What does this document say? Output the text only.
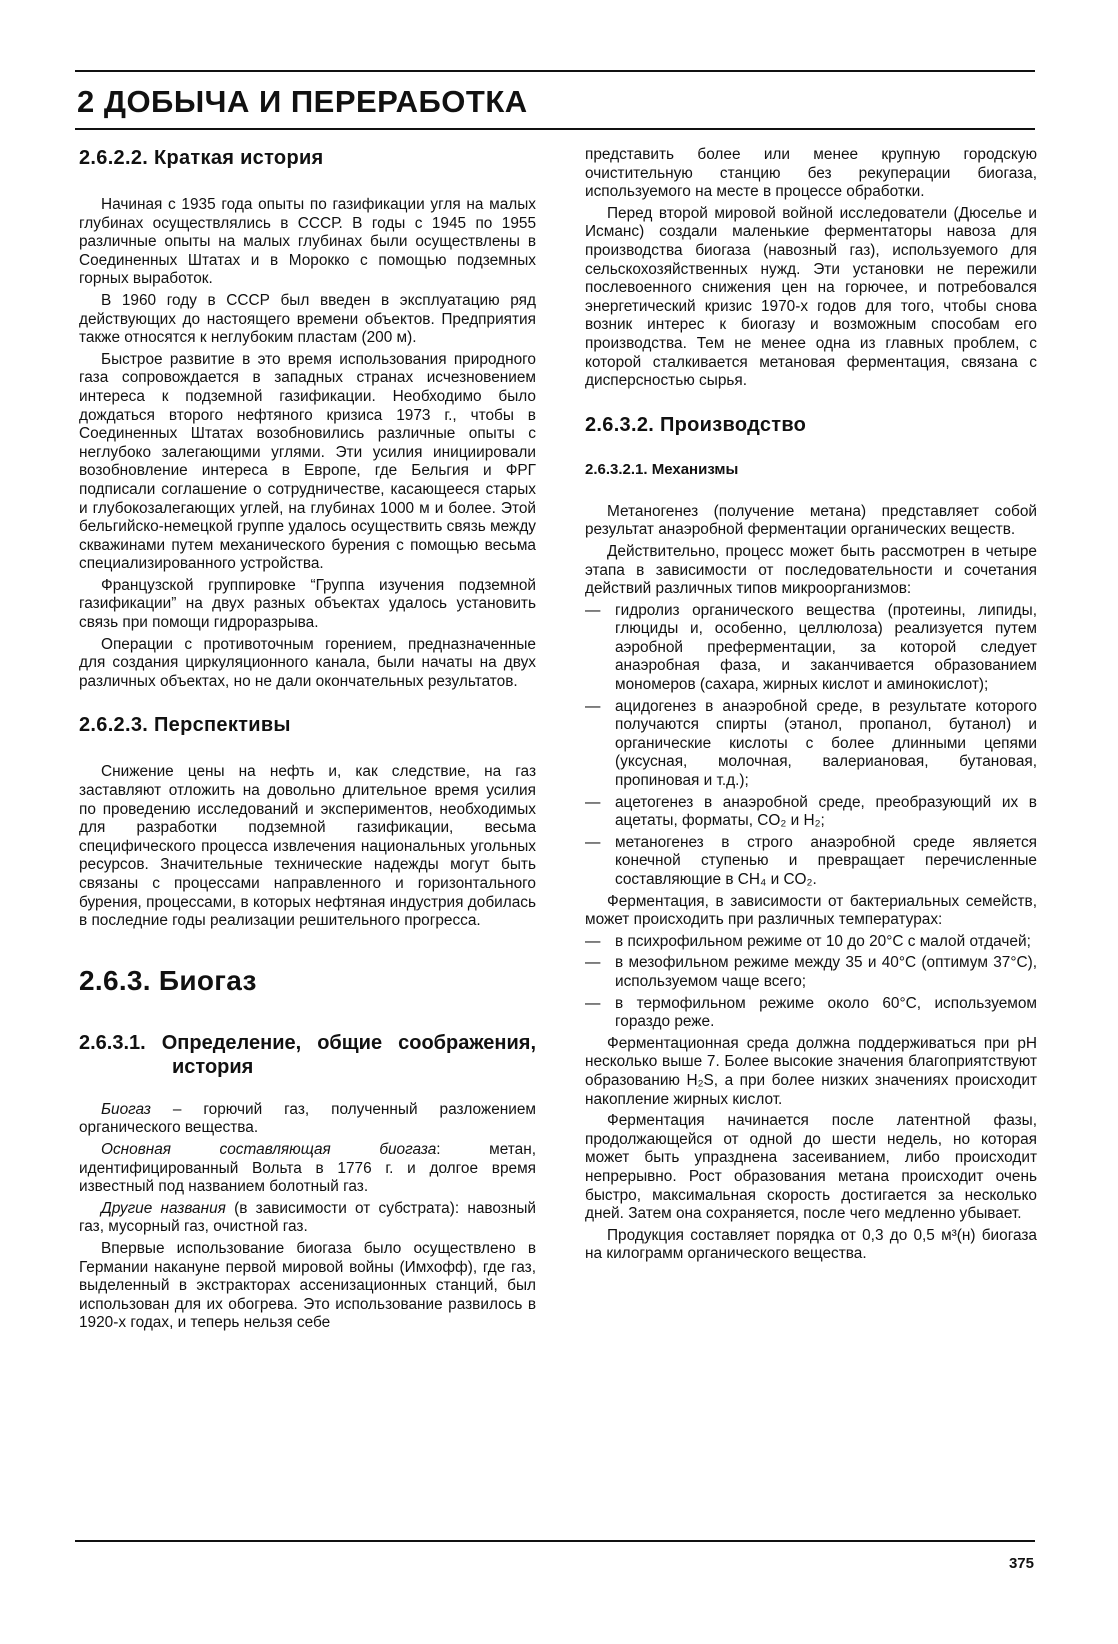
2 ДОБЫЧА И ПЕРЕРАБОТКА
2.6.2.2. Краткая история

Начиная с 1935 года опыты по газификации угля на малых глубинах осуществлялись в СССР. В годы с 1945 по 1955 различные опыты на малых глубинах были осуществлены в Соединенных Штатах и в Мороккo с помощью подземных горных выработок.

В 1960 году в СССР был введен в эксплуатацию ряд действующих до настоящего времени объектов. Предприятия также относятся к неглубоким пластам (200 м).

Быстрое развитие в это время использования природного газа сопровождается в западных странах исчезновением интереса к подземной газификации. Необходимо было дождаться второго нефтяного кризиса 1973 г., чтобы в Соединенных Штатах возобновились различные опыты с неглубоко залегающими углями. Эти усилия инициировали возобновление интереса в Европе, где Бельгия и ФРГ подписали соглашение о сотрудничестве, касающееся старых и глубокозалегающих углей, на глубинах 1000 м и более. Этой бельгийско-немецкой группе удалось осуществить связь между скважинами путем механического бурения с помощью весьма специализированного устройства.

Французской группировке “Группа изучения подземной газификации” на двух разных объектах удалось установить связь при помощи гидроразрыва.

Операции с противоточным горением, предназначенные для создания циркуляционного канала, были начаты на двух различных объектах, но не дали окончательных результатов.

2.6.2.3. Перспективы

Снижение цены на нефть и, как следствие, на газ заставляют отложить на довольно длительное время усилия по проведению исследований и экспериментов, необходимых для разработки подземной газификации, весьма специфического процесса извлечения национальных угольных ресурсов. Значительные технические надежды могут быть связаны с процессами направленного и горизонтального бурения, процессами, в которых нефтяная индустрия добилась в последние годы реализации решительного прогресса.

2.6.3. Биогаз
2.6.3.1. Определение, общие соображения, история

Биогаз – горючий газ, полученный разложением органического вещества.

Основная составляющая биогаза: метан, идентифицированный Вольта в 1776 г. и долгое время известный под названием болотный газ.

Другие названия (в зависимости от субстрата): навозный газ, мусорный газ, очистной газ.

Впервые использование биогаза было осуществлено в Германии накануне первой мировой войны (Имхофф), где газ, выделенный в экстракторах ассенизационных станций, был использован для их обогрева. Это использование развилось в 1920-х годах, и теперь нельзя себе

представить более или менее крупную городскую очистительную станцию без рекуперации биогаза, используемого на месте в процессе обработки.

Перед второй мировой войной исследователи (Дюселье и Исманс) создали маленькие ферментаторы навоза для производства биогаза (навозный газ), используемого для сельскохозяйственных нужд. Эти установки не пережили послевоенного снижения цен на горючее, и потребовался энергетический кризис 1970-х годов для того, чтобы снова возник интерес к биогазу и возможным способам его производства. Тем не менее одна из главных проблем, с которой сталкивается метановая ферментация, связана с дисперсностью сырья.

2.6.3.2. Производство
2.6.3.2.1. Механизмы

Метаногенез (получение метана) представляет собой результат анаэробной ферментации органических веществ.

Действительно, процесс может быть рассмотрен в четыре этапа в зависимости от последовательности и сочетания действий различных типов микроорганизмов:

— гидролиз органического вещества (протеины, липиды, глюциды и, особенно, целлюлоза) реализуется путем аэробной преферментации, за которой следует анаэробная фаза, и заканчивается образованием мономеров (сахара, жирных кислот и аминокислот);
— ацидогенез в анаэробной среде, в результате которого получаются спирты (этанол, пропанол, бутанол) и органические кислоты с более длинными цепями (уксусная, молочная, валериановая, бутановая, пропиновая и т.д.);
— ацетогенез в анаэробной среде, преобразующий их в ацетаты, форматы, CO₂ и H₂;
— метаногенез в строго анаэробной среде является конечной ступенью и превращает перечисленные составляющие в CH₄ и CO₂.

Ферментация, в зависимости от бактериальных семейств, может происходить при различных температурах:

— в психрофильном режиме от 10 до 20°С с малой отдачей;
— в мезофильном режиме между 35 и 40°С (оптимум 37°С), используемом чаще всего;
— в термофильном режиме около 60°С, используемом гораздо реже.

Ферментационная среда должна поддерживаться при pH несколько выше 7. Более высокие значения благоприятствуют образованию H₂S, а при более низких значениях происходит накопление жирных кислот.

Ферментация начинается после латентной фазы, продолжающейся от одной до шести недель, но которая может быть упразднена засеиванием, либо происходит непрерывно. Рост образования метана происходит очень быстро, максимальная скорость достигается за несколько дней. Затем она сохраняется, после чего медленно убывает.

Продукция составляет порядка от 0,3 до 0,5 м³(н) биогаза на килограмм органического вещества.

375
